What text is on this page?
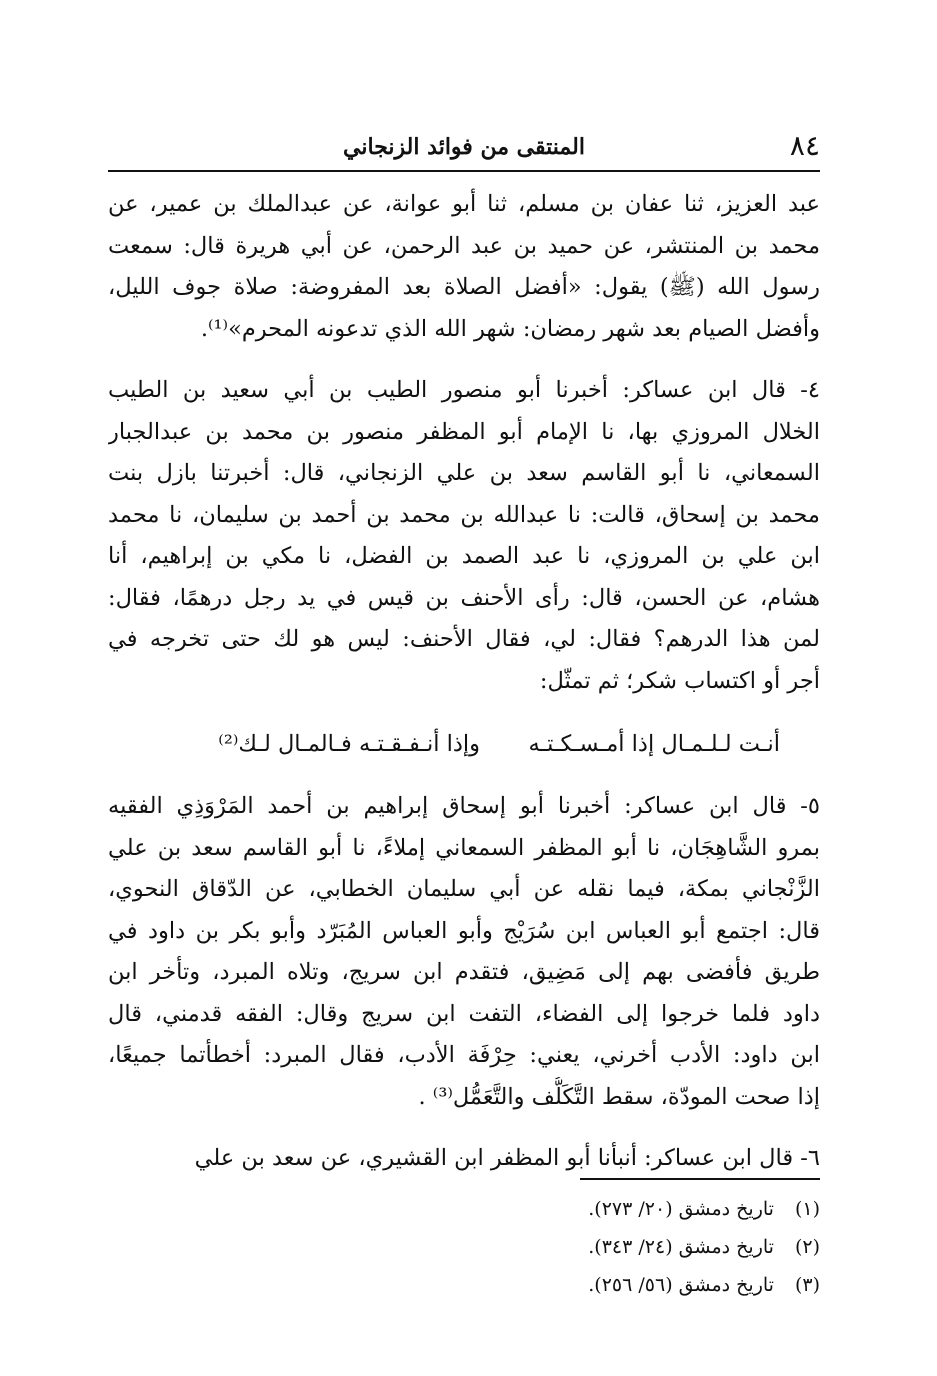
٨٤
المنتقى من فوائد الزنجاني
عبد العزيز، ثنا عفان بن مسلم، ثنا أبو عوانة، عن عبدالملك بن عمير، عن
محمد بن المنتشر، عن حميد بن عبد الرحمن، عن أبي هريرة قال: سمعت
رسول الله (ﷺ) يقول: «أفضل الصلاة بعد المفروضة: صلاة جوف الليل،
وأفضل الصيام بعد شهر رمضان: شهر الله الذي تدعونه المحرم»⁽¹⁾.
٤- قال ابن عساكر: أخبرنا أبو منصور الطيب بن أبي سعيد بن الطيب
الخلال المروزي بها، نا الإمام أبو المظفر منصور بن محمد بن عبدالجبار
السمعاني، نا أبو القاسم سعد بن علي الزنجاني، قال: أخبرتنا بازل بنت
محمد بن إسحاق، قالت: نا عبدالله بن محمد بن أحمد بن سليمان، نا محمد
ابن علي بن المروزي، نا عبد الصمد بن الفضل، نا مكي بن إبراهيم، أنا
هشام، عن الحسن، قال: رأى الأحنف بن قيس في يد رجل درهمًا، فقال:
لمن هذا الدرهم؟ فقال: لي، فقال الأحنف: ليس هو لك حتى تخرجه في
أجر أو اكتساب شكر؛ ثم تمثّل:
أنـت لـلـمـال إذا أمـسـكـتـهوإذا أنـفـقـتـه فـالمـال لـك⁽²⁾
٥- قال ابن عساكر: أخبرنا أبو إسحاق إبراهيم بن أحمد المَرْوَذِي الفقيه
بمرو الشَّاهِجَان، نا أبو المظفر السمعاني إملاءً، نا أبو القاسم سعد بن علي
الزَّنْجاني بمكة، فيما نقله عن أبي سليمان الخطابي، عن الدّقاق النحوي،
قال: اجتمع أبو العباس ابن سُرَيْج وأبو العباس المُبَرّد وأبو بكر بن داود في
طريق فأفضى بهم إلى مَضِيق، فتقدم ابن سريج، وتلاه المبرد، وتأخر ابن
داود فلما خرجوا إلى الفضاء، التفت ابن سريج وقال: الفقه قدمني، قال
ابن داود: الأدب أخرني، يعني: حِرْفَة الأدب، فقال المبرد: أخطأتما جميعًا،
إذا صحت المودّة، سقط التَّكَلُّف والتَّعَمُّل⁽³⁾ .
٦- قال ابن عساكر: أنبأنا أبو المظفر ابن القشيري، عن سعد بن علي
(١) تاريخ دمشق (٢٠/ ٢٧٣).
(٢) تاريخ دمشق (٢٤/ ٣٤٣).
(٣) تاريخ دمشق (٥٦/ ٢٥٦).
